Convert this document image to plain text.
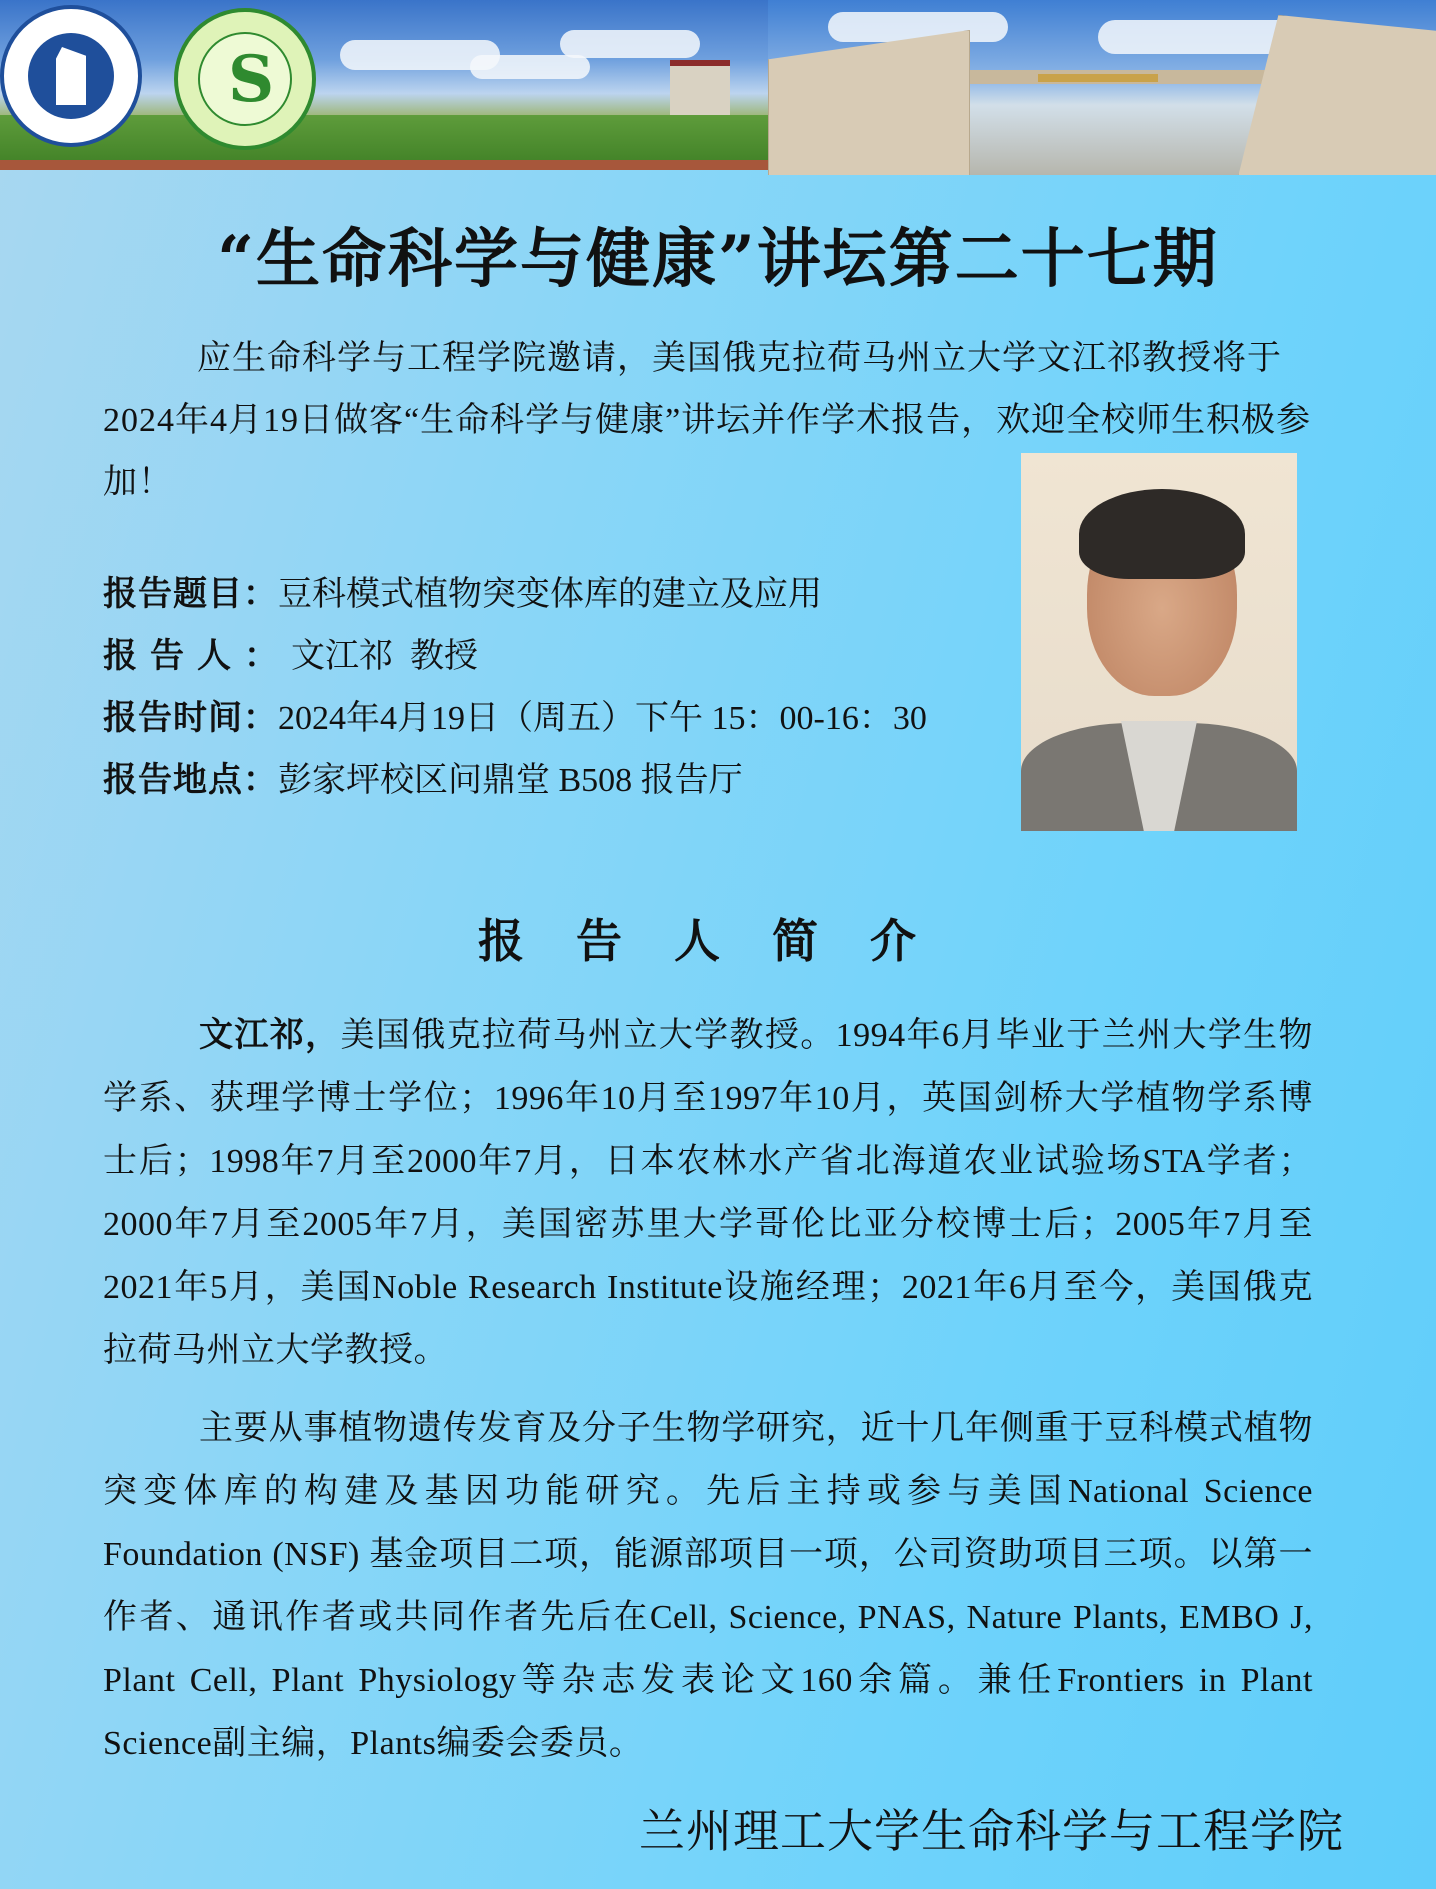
S
“生命科学与健康”讲坛第二十七期
应生命科学与工程学院邀请，美国俄克拉荷马州立大学文江祁教授将于2024年4月19日做客“生命科学与健康”讲坛并作学术报告，欢迎全校师生积极参加！
报告题目：豆科模式植物突变体库的建立及应用
报告人：文江祁  教授
报告时间：2024年4月19日（周五）下午 15：00-16：30
报告地点：彭家坪校区问鼎堂 B508 报告厅
报告人简介
文江祁，美国俄克拉荷马州立大学教授。1994年6月毕业于兰州大学生物学系、获理学博士学位；1996年10月至1997年10月，英国剑桥大学植物学系博士后；1998年7月至2000年7月，日本农林水产省北海道农业试验场STA学者；2000年7月至2005年7月，美国密苏里大学哥伦比亚分校博士后；2005年7月至2021年5月，美国Noble Research Institute设施经理；2021年6月至今，美国俄克拉荷马州立大学教授。
主要从事植物遗传发育及分子生物学研究，近十几年侧重于豆科模式植物突变体库的构建及基因功能研究。先后主持或参与美国National Science Foundation (NSF) 基金项目二项，能源部项目一项，公司资助项目三项。以第一作者、通讯作者或共同作者先后在Cell, Science, PNAS, Nature Plants, EMBO J, Plant Cell, Plant Physiology等杂志发表论文160余篇。兼任Frontiers in Plant Science副主编，Plants编委会委员。
兰州理工大学生命科学与工程学院
